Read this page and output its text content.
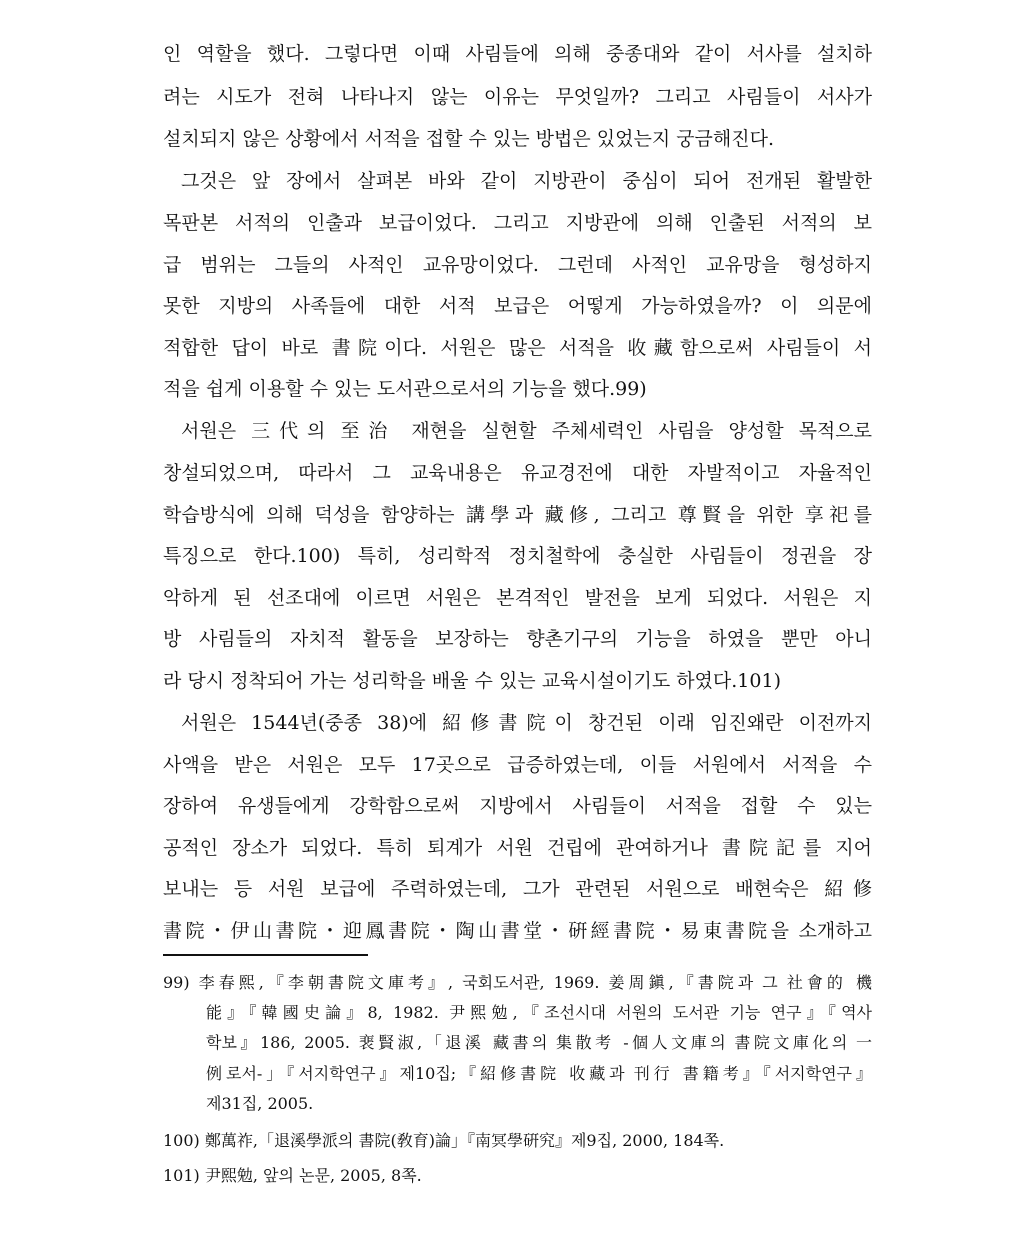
인 역할을 했다. 그렇다면 이때 사림들에 의해 중종대와 같이 서사를 설치하
려는 시도가 전혀 나타나지 않는 이유는 무엇일까? 그리고 사림들이 서사가
설치되지 않은 상황에서 서적을 접할 수 있는 방법은 있었는지 궁금해진다.
그것은 앞 장에서 살펴본 바와 같이 지방관이 중심이 되어 전개된 활발한
목판본 서적의 인출과 보급이었다. 그리고 지방관에 의해 인출된 서적의 보
급 범위는 그들의 사적인 교유망이었다. 그런데 사적인 교유망을 형성하지
못한 지방의 사족들에 대한 서적 보급은 어떻게 가능하였을까? 이 의문에
적합한 답이 바로 書院이다. 서원은 많은 서적을 收藏함으로써 사림들이 서
적을 쉽게 이용할 수 있는 도서관으로서의 기능을 했다.99)
서원은 三代의 至治 재현을 실현할 주체세력인 사림을 양성할 목적으로
창설되었으며, 따라서 그 교육내용은 유교경전에 대한 자발적이고 자율적인
학습방식에 의해 덕성을 함양하는 講學과 藏修, 그리고 尊賢을 위한 享祀를
특징으로 한다.100) 특히, 성리학적 정치철학에 충실한 사림들이 정권을 장
악하게 된 선조대에 이르면 서원은 본격적인 발전을 보게 되었다. 서원은 지
방 사림들의 자치적 활동을 보장하는 향촌기구의 기능을 하였을 뿐만 아니
라 당시 정착되어 가는 성리학을 배울 수 있는 교육시설이기도 하였다.101)
서원은 1544년(중종 38)에 紹修書院이 창건된 이래 임진왜란 이전까지
사액을 받은 서원은 모두 17곳으로 급증하였는데, 이들 서원에서 서적을 수
장하여 유생들에게 강학함으로써 지방에서 사림들이 서적을 접할 수 있는
공적인 장소가 되었다. 특히 퇴계가 서원 건립에 관여하거나 書院記를 지어
보내는 등 서원 보급에 주력하였는데, 그가 관련된 서원으로 배현숙은 紹修
書院・伊山書院・迎鳳書院・陶山書堂・硏經書院・易東書院을 소개하고
99) 李春熙,『李朝書院文庫考』, 국회도서관, 1969. 姜周鎭,『書院과 그 社會的 機
能』『韓國史論』8, 1982. 尹熙勉,『조선시대 서원의 도서관 기능 연구』『역사
학보』186, 2005. 裵賢淑,「退溪 藏書의 集散考 -個人文庫의 書院文庫化의 一
例로서-」『서지학연구』제10집;『紹修書院 收藏과 刊行 書籍考』『서지학연구』
제31집, 2005.
100) 鄭萬祚,「退溪學派의 書院(敎育)論」『南冥學硏究』제9집, 2000, 184쪽.
101) 尹熙勉, 앞의 논문, 2005, 8쪽.
